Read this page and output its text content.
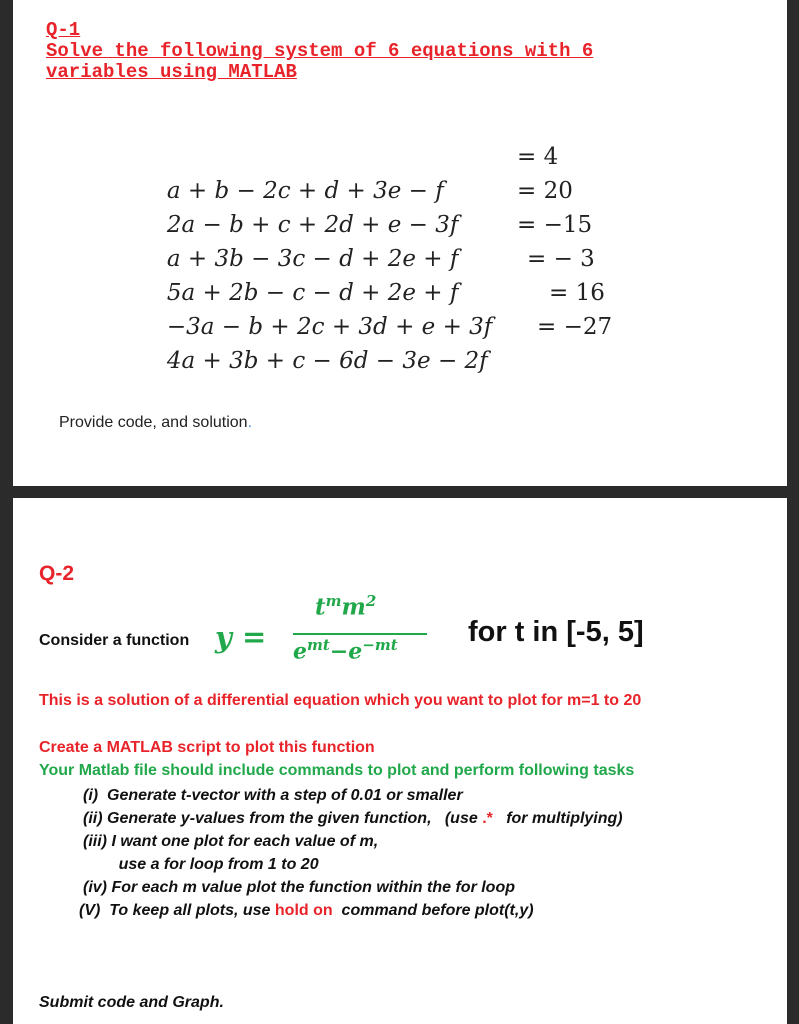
Q-1
Solve the following system of 6 equations with 6
variables using MATLAB

a + b − 2c + d + 3e − f

= 4

2a − b + c + 2d + e − 3f

= 20

a + 3b − 3c − d + 2e + f

= −15

5a + 2b − c − d + 2e + f

= − 3

−3a − b + 2c + 3d + e + 3f

= 16

4a + 3b + c − 6d − 3e − 2f

= −27

Provide code, and solution.
Q-2
Consider a function y =
$t^mm^2$
$e^{mt}-e^{-mt}$ for t in [-5, 5]
This is a solution of a differential equation which you want to plot for m=1 to 20
Create a MATLAB script to plot this function
Your Matlab file should include commands to plot and perform following tasks
(i)  Generate t-vector with a step of 0.01 or smaller
(ii) Generate y-values from the given function,   (use .*   for multiplying)
(iii) I want one plot for each value of m,
use a for loop from 1 to 20
(iv) For each m value plot the function within the for loop
(V)  To keep all plots, use hold on  command before plot(t,y)
Submit code and Graph.
